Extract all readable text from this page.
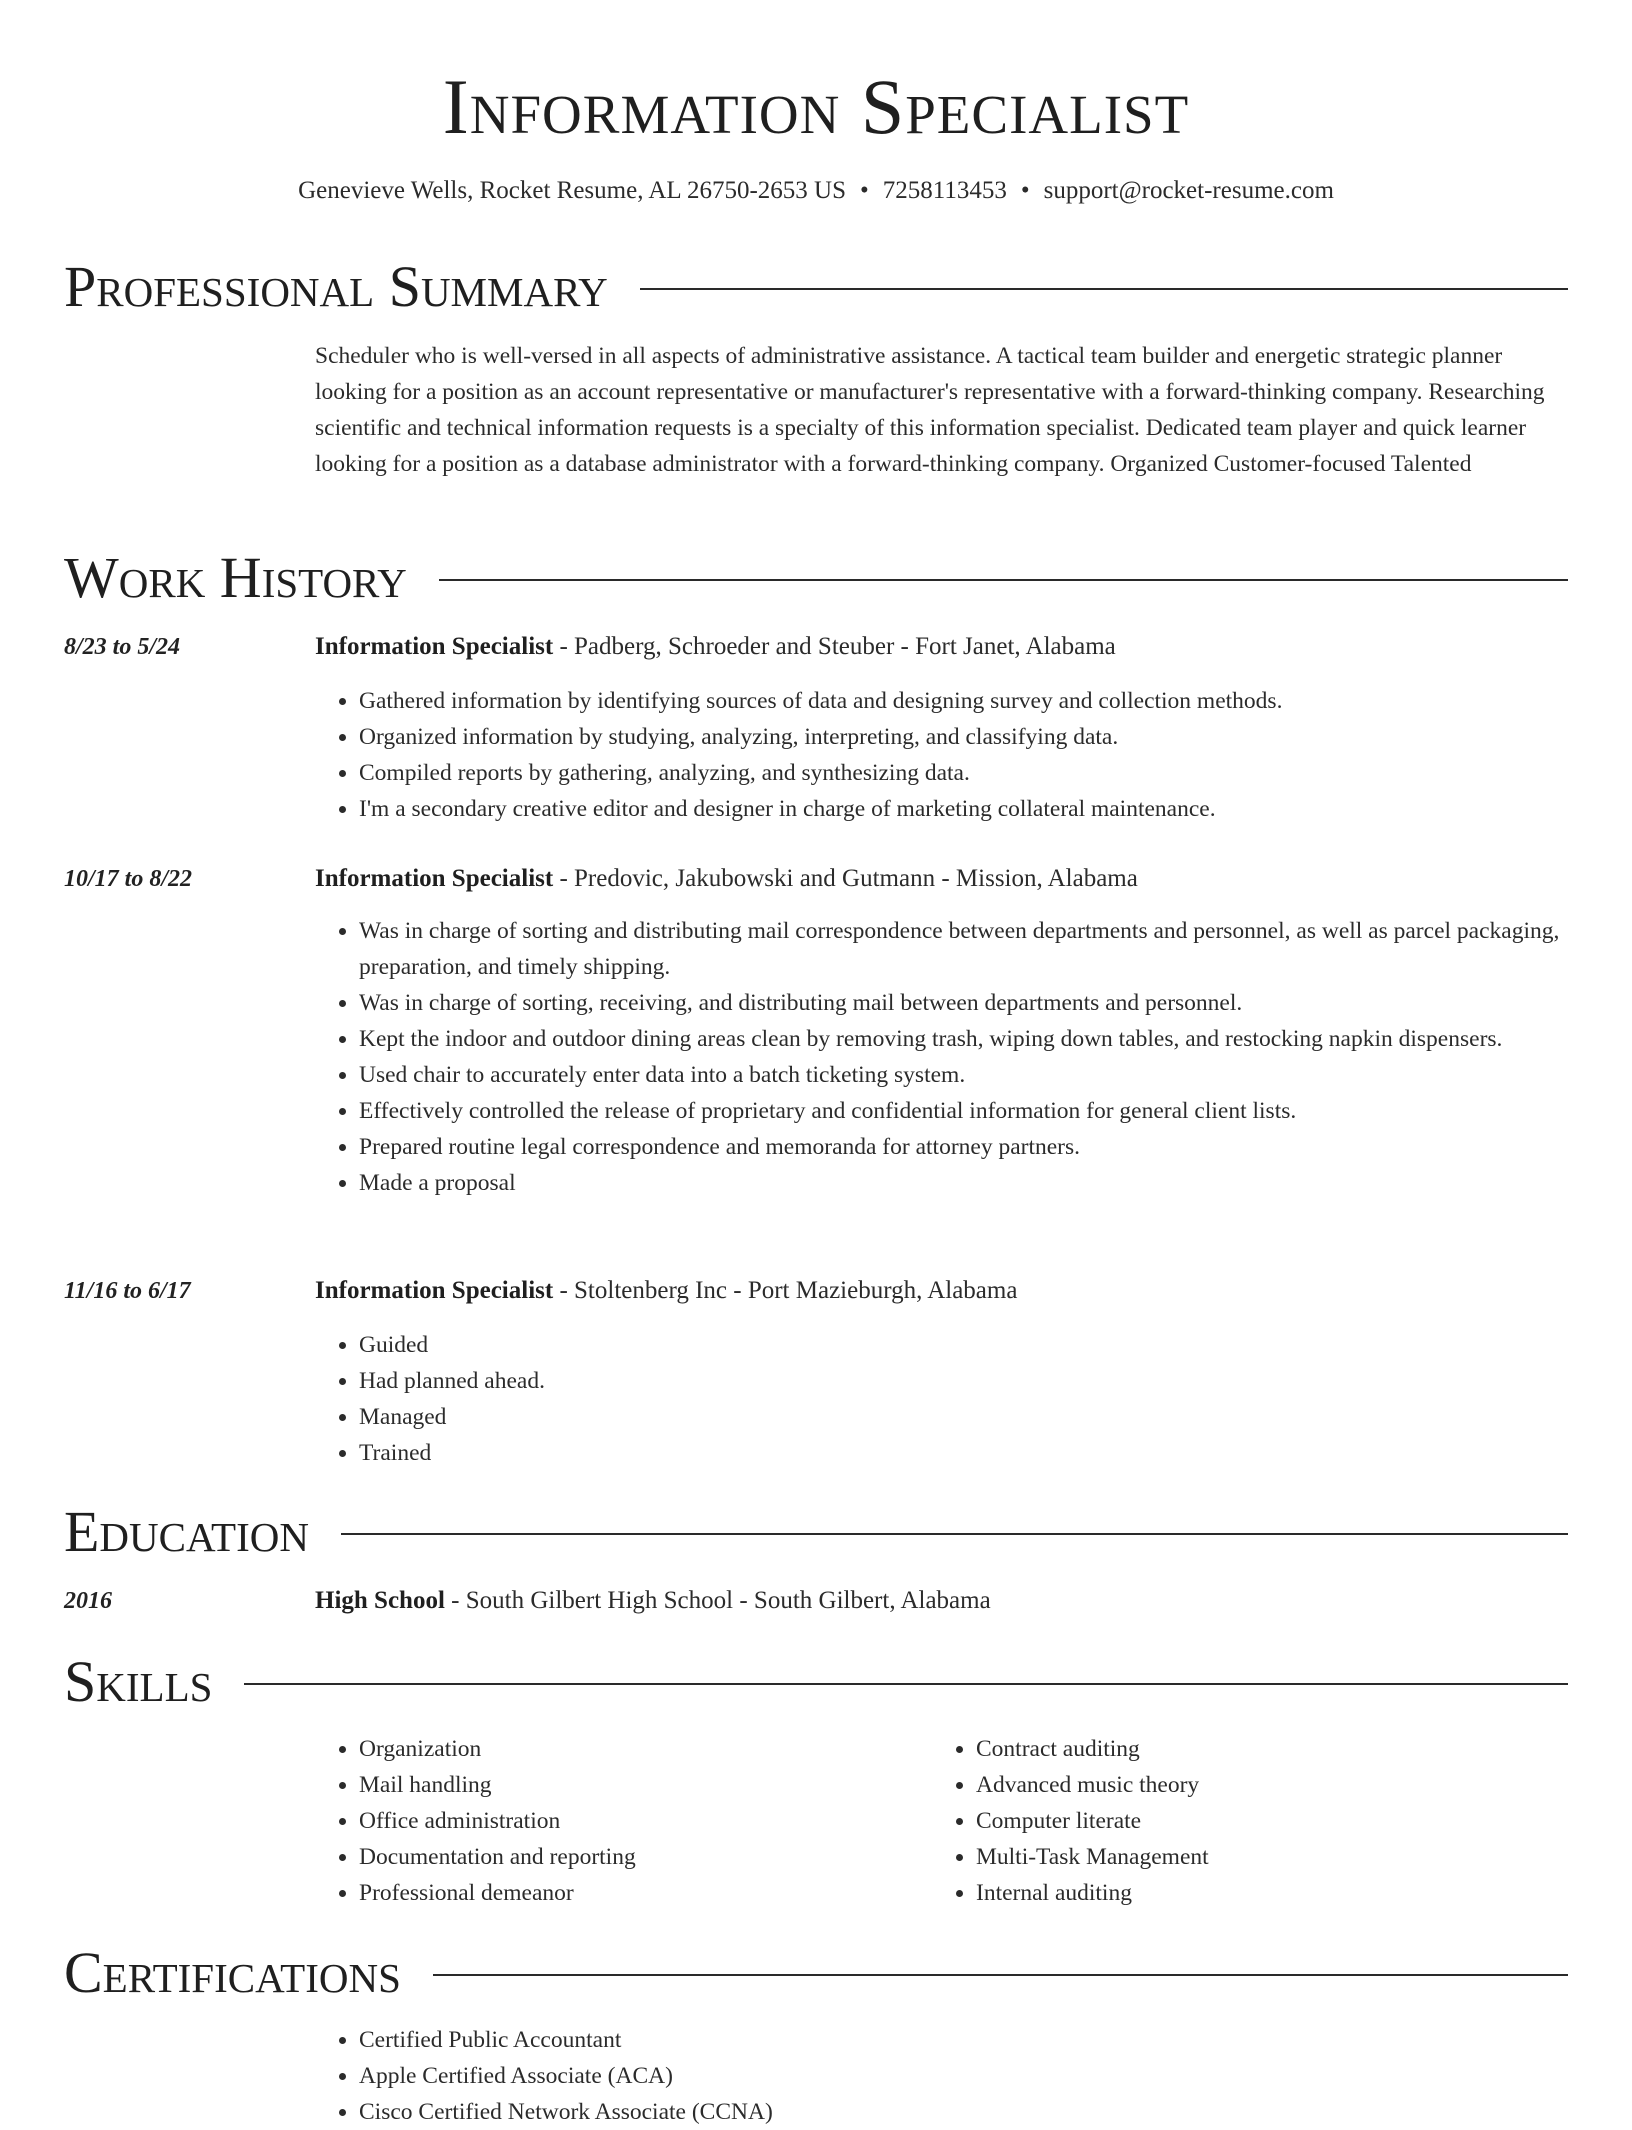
Information Specialist
Genevieve Wells, Rocket Resume, AL 26750-2653 US • 7258113453 • support@rocket-resume.com
Professional Summary
Scheduler who is well-versed in all aspects of administrative assistance. A tactical team builder and energetic strategic planner looking for a position as an account representative or manufacturer's representative with a forward-thinking company. Researching scientific and technical information requests is a specialty of this information specialist. Dedicated team player and quick learner looking for a position as a database administrator with a forward-thinking company. Organized Customer-focused Talented
Work History
8/23 to 5/24	Information Specialist - Padberg, Schroeder and Steuber - Fort Janet, Alabama
• Gathered information by identifying sources of data and designing survey and collection methods.
• Organized information by studying, analyzing, interpreting, and classifying data.
• Compiled reports by gathering, analyzing, and synthesizing data.
• I'm a secondary creative editor and designer in charge of marketing collateral maintenance.
10/17 to 8/22	Information Specialist - Predovic, Jakubowski and Gutmann - Mission, Alabama
• Was in charge of sorting and distributing mail correspondence between departments and personnel, as well as parcel packaging, preparation, and timely shipping.
• Was in charge of sorting, receiving, and distributing mail between departments and personnel.
• Kept the indoor and outdoor dining areas clean by removing trash, wiping down tables, and restocking napkin dispensers.
• Used chair to accurately enter data into a batch ticketing system.
• Effectively controlled the release of proprietary and confidential information for general client lists.
• Prepared routine legal correspondence and memoranda for attorney partners.
• Made a proposal
11/16 to 6/17	Information Specialist - Stoltenberg Inc - Port Mazieburgh, Alabama
• Guided
• Had planned ahead.
• Managed
• Trained
Education
2016	High School - South Gilbert High School - South Gilbert, Alabama
Skills
• Organization
• Mail handling
• Office administration
• Documentation and reporting
• Professional demeanor
• Contract auditing
• Advanced music theory
• Computer literate
• Multi-Task Management
• Internal auditing
Certifications
• Certified Public Accountant
• Apple Certified Associate (ACA)
• Cisco Certified Network Associate (CCNA)
